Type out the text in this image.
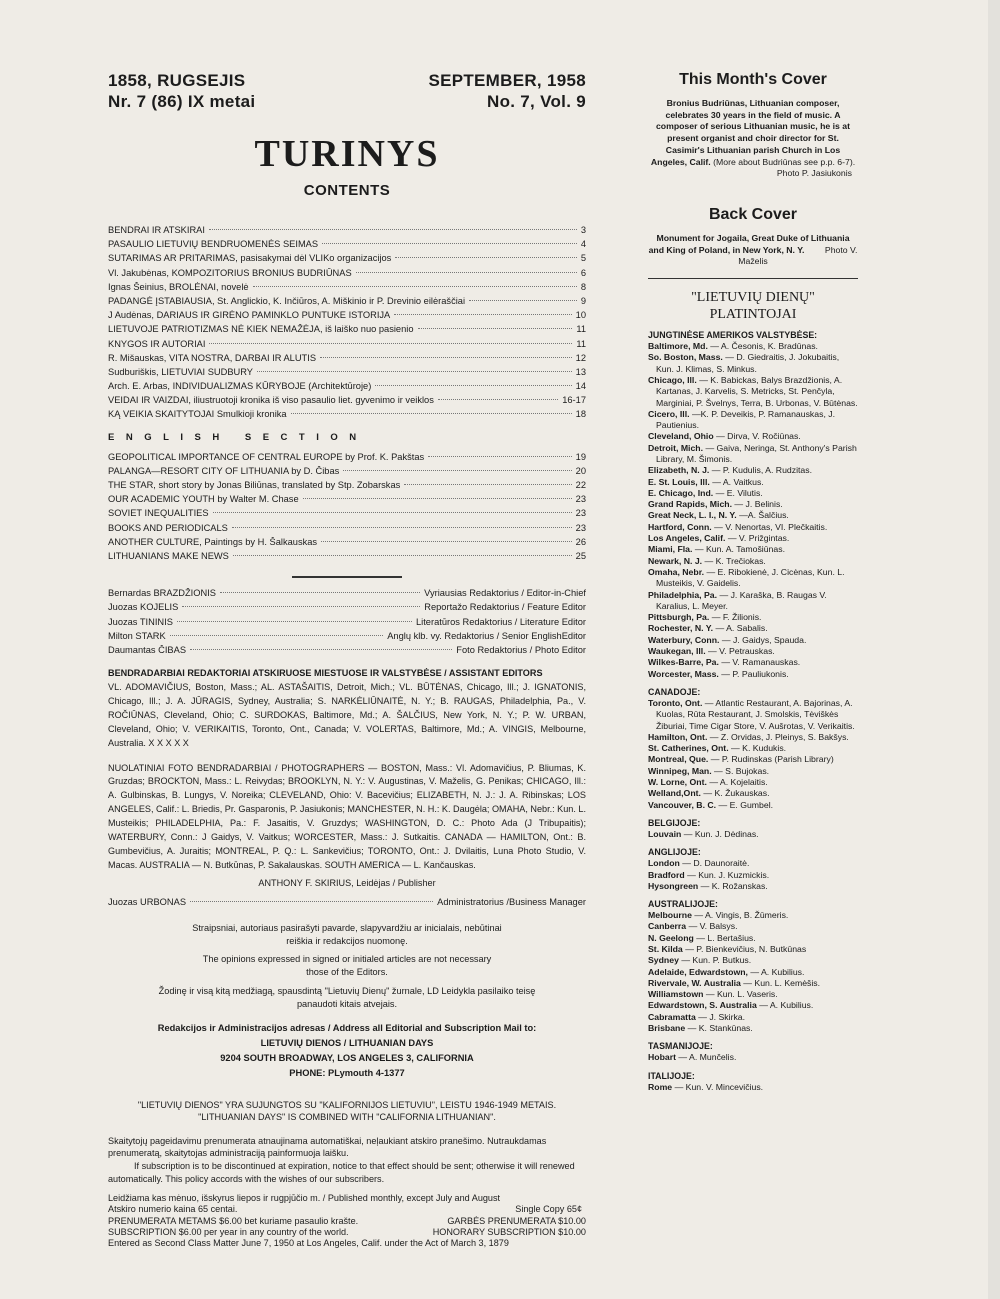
1858, RUGSEJIS	SEPTEMBER, 1958
Nr. 7 (86) IX metai	No. 7, Vol. 9
TURINYS
CONTENTS
BENDRAI IR ATSKIRAI	3
PASAULIO LIETUVIŲ BENDRUOMENĖS SEIMAS	4
SUTARIMAS AR PRITARIMAS, pasisakymai dėl VLIKo organizacijos	5
Vl. Jakubėnas, KOMPOZITORIUS BRONIUS BUDRIŪNAS	6
Ignas Šeinius, BROLĖNAI, novelė	8
PADANGĖ ĮSTABIAUSIA, St. Anglickio, K. Inčiūros, A. Miškinio ir P. Drevinio eilėraščiai	9
J Audėnas, DARIAUS IR GIRĖNO PAMINKLO PUNTUKE ISTORIJA	10
LIETUVOJE PATRIOTIZMAS NĖ KIEK NEMAŽĖJA, iš laiško nuo pasienio	11
KNYGOS IR AUTORIAI	11
R. Mišauskas, VITA NOSTRA, DARBAI IR ALUTIS	12
Sudburiškis, LIETUVIAI SUDBURY	13
Arch. E. Arbas, INDIVIDUALIZMAS KŪRYBOJE (Architektūroje)	14
VEIDAI IR VAIZDAI, iliustruotoji kronika iš viso pasaulio liet. gyvenimo ir veiklos	16-17
KĄ VEIKIA SKAITYTOJAI Smulkioji kronika	18
ENGLISH SECTION
GEOPOLITICAL IMPORTANCE OF CENTRAL EUROPE by Prof. K. Pakštas	19
PALANGA—RESORT CITY OF LITHUANIA by D. Čibas	20
THE STAR, short story by Jonas Biliūnas, translated by Stp. Zobarskas	22
OUR ACADEMIC YOUTH by Walter M. Chase	23
SOVIET INEQUALITIES	23
BOOKS AND PERIODICALS	23
ANOTHER CULTURE, Paintings by H. Šalkauskas	26
LITHUANIANS MAKE NEWS	25
Bernardas BRAZDŽIONIS	Vyriausias Redaktorius / Editor-in-Chief
Juozas KOJELIS	Reportažo Redaktorius / Feature Editor
Juozas TININIS	Literatūros Redaktorius / Literature Editor
Milton STARK	Anglų klb. vy. Redaktorius / Senior EnglishEditor
Daumantas ČIBAS	Foto Redaktorius / Photo Editor
BENDRADARBIAI REDAKTORIAI ATSKIRUOSE MIESTUOSE IR VALSTYBĖSE / ASSISTANT EDITORS
VL. ADOMAVIČIUS, Boston, Mass.; AL. ASTAŠAITIS, Detroit, Mich.; VL. BŪTĖNAS, Chicago, Ill.; J. IGNATONIS, Chicago, Ill.; J. A. JŪRAGIS, Sydney, Australia; S. NARKĖLIŪNAITĖ, N. Y.; B. RAUGAS, Philadelphia, Pa., V. ROČIŪNAS, Cleveland, Ohio; C. SURDOKAS, Baltimore, Md.; A. ŠALČIUS, New York, N. Y.; P. W. URBAN, Cleveland, Ohio; V. VERIKAITIS, Toronto, Ont., Canada; V. VOLERTAS, Baltimore, Md.; A. VINGIS, Melbourne, Australia. X X X X X
NUOLATINIAI FOTO BENDRADARBIAI / PHOTOGRAPHERS — BOSTON, Mass.: Vl. Adomavičius, P. Bliumas, K. Gruzdas; BROCKTON, Mass.: L. Reivydas; BROOKLYN, N. Y.: V. Augustinas, V. Maželis, G. Penikas; CHICAGO, Ill.: A. Gulbinskas, B. Lungys, V. Noreika; CLEVELAND, Ohio: V. Bacevičius; ELIZABETH, N. J.: J. A. Ribinskas; LOS ANGELES, Calif.: L. Briedis, Pr. Gasparonis, P. Jasiukonis; MANCHESTER, N. H.: K. Daugėla; OMAHA, Nebr.: Kun. L. Musteikis; PHILADELPHIA, Pa.: F. Jasaitis, V. Gruzdys; WASHINGTON, D. C.: Photo Ada (J Tribupaitis); WATERBURY, Conn.: J Gaidys, V. Vaitkus; WORCESTER, Mass.: J. Sutkaitis. CANADA — HAMILTON, Ont.: B. Gumbevičius, A. Juraitis; MONTREAL, P. Q.: L. Sankevičius; TORONTO, Ont.: J. Dvilaitis, Luna Photo Studio, V. Macas. AUSTRALIA — N. Butkūnas, P. Sakalauskas. SOUTH AMERICA — L. Kančauskas.
ANTHONY F. SKIRIUS, Leidėjas / Publisher
Juozas URBONAS	Administratorius /Business Manager
Straipsniai, autoriaus pasirašyti pavarde, slapyvardžiu ar inicialais, nebūtinai reiškia ir redakcijos nuomonę.
The opinions expressed in signed or initialed articles are not necessary those of the Editors.
Žodinę ir visą kitą medžiagą, spausdintą "Lietuvių Dienų" žurnale, LD Leidykla pasilaiko teisę panaudoti kitais atvejais.
Redakcijos ir Administracijos adresas / Address all Editorial and Subscription Mail to:
LIETUVIŲ DIENOS / LITHUANIAN DAYS
9204 SOUTH BROADWAY, LOS ANGELES 3, CALIFORNIA
PHONE: PLymouth 4-1377
"LIETUVIŲ DIENOS" YRA SUJUNGTOS SU "KALIFORNIJOS LIETUVIU", LEISTU 1946-1949 METAIS. "LITHUANIAN DAYS" IS COMBINED WITH "CALIFORNIA LITHUANIAN".
Skaitytojų pageidavimu prenumerata atnaujinama automatiškai, neļaukiant atskiro pranešimo. Nutraukdamas prenumeratą, skaitytojas administraciją painformuoja laišku.
If subscription is to be discontinued at expiration, notice to that effect should be sent; otherwise it will renewed automatically. This policy accords with the wishes of our subscribers.
Leidžiama kas mėnuo, išskyrus liepos ir rugpjūčio m. / Published monthly, except July and August
Atskiro numerio kaina 65 centai.	Single Copy 65¢
PRENUMERATA METAMS $6.00 bet kuriame pasaulio krašte.	GARBĖS PRENUMERATA $10.00
SUBSCRIPTION $6.00 per year in any country of the world.	HONORARY SUBSCRIPTION $10.00
Entered as Second Class Matter June 7, 1950 at Los Angeles, Calif. under the Act of March 3, 1879
This Month's Cover
Bronius Budriūnas, Lithuanian composer, celebrates 30 years in the field of music. A composer of serious Lithuanian music, he is at present organist and choir director for St. Casimir's Lithuanian parish Church in Los Angeles, Calif. (More about Budriūnas see p.p. 6-7).
Photo P. Jasiukonis
Back Cover
Monument for Jogaila, Great Duke of Lithuania and King of Poland, in New York, N. Y. Photo V. Maželis
"LIETUVIŲ DIENŲ"
PLATINTOJAI
JUNGTINĖSE AMERIKOS VALSTYBĖSE:
Baltimore, Md. — A. Česonis, K. Bradūnas.
So. Boston, Mass. — D. Giedraitis, J. Jokubaitis, Kun. J. Klimas, S. Minkus.
Chicago, Ill. — K. Babickas, Balys Brazdžionis, A. Kartanas, J. Karvelis, S. Metricks, St. Penčyla, Marginiai, P. Švelnys, Terra, B. Urbonas, V. Būtėnas.
Cicero, Ill. —K. P. Deveikis, P. Ramanauskas, J. Pautienius.
Cleveland, Ohio — Dirva, V. Ročiūnas.
Detroit, Mich. — Gaiva, Neringa, St. Anthony's Parish Library, M. Šimonis.
Elizabeth, N. J. — P. Kudulis, A. Rudzitas.
E. St. Louis, Ill. — A. Vaitkus.
E. Chicago, Ind. — E. Vilutis.
Grand Rapids, Mich. — J. Belinis.
Great Neck, L. I., N. Y. —A. Šalčius.
Hartford, Conn. — V. Nenortas, VI. Plečkaitis.
Los Angeles, Calif. — V. Prižgintas.
Miami, Fla. — Kun. A. Tamošiūnas.
Newark, N. J. — K. Trečiokas.
Omaha, Nebr. — E. Ribokienė, J. Cicėnas, Kun. L. Musteikis, V. Gaidelis.
Philadelphia, Pa. — J. Karaška, B. Raugas V. Karalius, L. Meyer.
Pittsburgh, Pa. — F. Žilionis.
Rochester, N. Y. — A. Sabalis.
Waterbury, Conn. — J. Gaidys, Spauda.
Waukegan, Ill. — V. Petrauskas.
Wilkes-Barre, Pa. — V. Ramanauskas.
Worcester, Mass. — P. Pauliukonis.
CANADOJE:
Toronto, Ont. — Atlantic Restaurant, A. Bajorinas, A. Kuolas, Rūta Restaurant, J. Smolskis, Tėviškės Žiburiai, Time Cigar Store, V. Aušrotas, V. Verikaitis.
Hamilton, Ont. — Z. Orvidas, J. Pleinys, S. Bakšys.
St. Catherines, Ont. — K. Kudukis.
Montreal, Que. — P. Rudinskas (Parish Library)
Winnipeg, Man. — S. Bujokas.
W. Lorne, Ont. — A. Kojelaitis.
Welland,Ont. — K. Žukauskas.
Vancouver, B. C. — E. Gumbel.
BELGIJOJE:
Louvain — Kun. J. Dėdinas.
ANGLIJOJE:
London — D. Daunoraitė.
Bradford — Kun. J. Kuzmickis.
Hysongreen — K. Rožanskas.
AUSTRALIJOJE:
Melbourne — A. Vingis, B. Žūmeris.
Canberra — V. Balsys.
N. Geelong — L. Bertašius.
St. Kilda — P. Bienkevičius, N. Butkūnas
Sydney — Kun. P. Butkus.
Adelaide, Edwardstown, — A. Kubilius.
Rivervale, W. Australia — Kun. L. Kemėšis.
Williamstown — Kun. L. Vaseris.
Edwardstown, S. Australia — A. Kubilius.
Cabramatta — J. Skirka.
Brisbane — K. Stankūnas.
TASMANIJOJE:
Hobart — A. Munčelis.
ITALIJOJE:
Rome — Kun. V. Mincevičius.
